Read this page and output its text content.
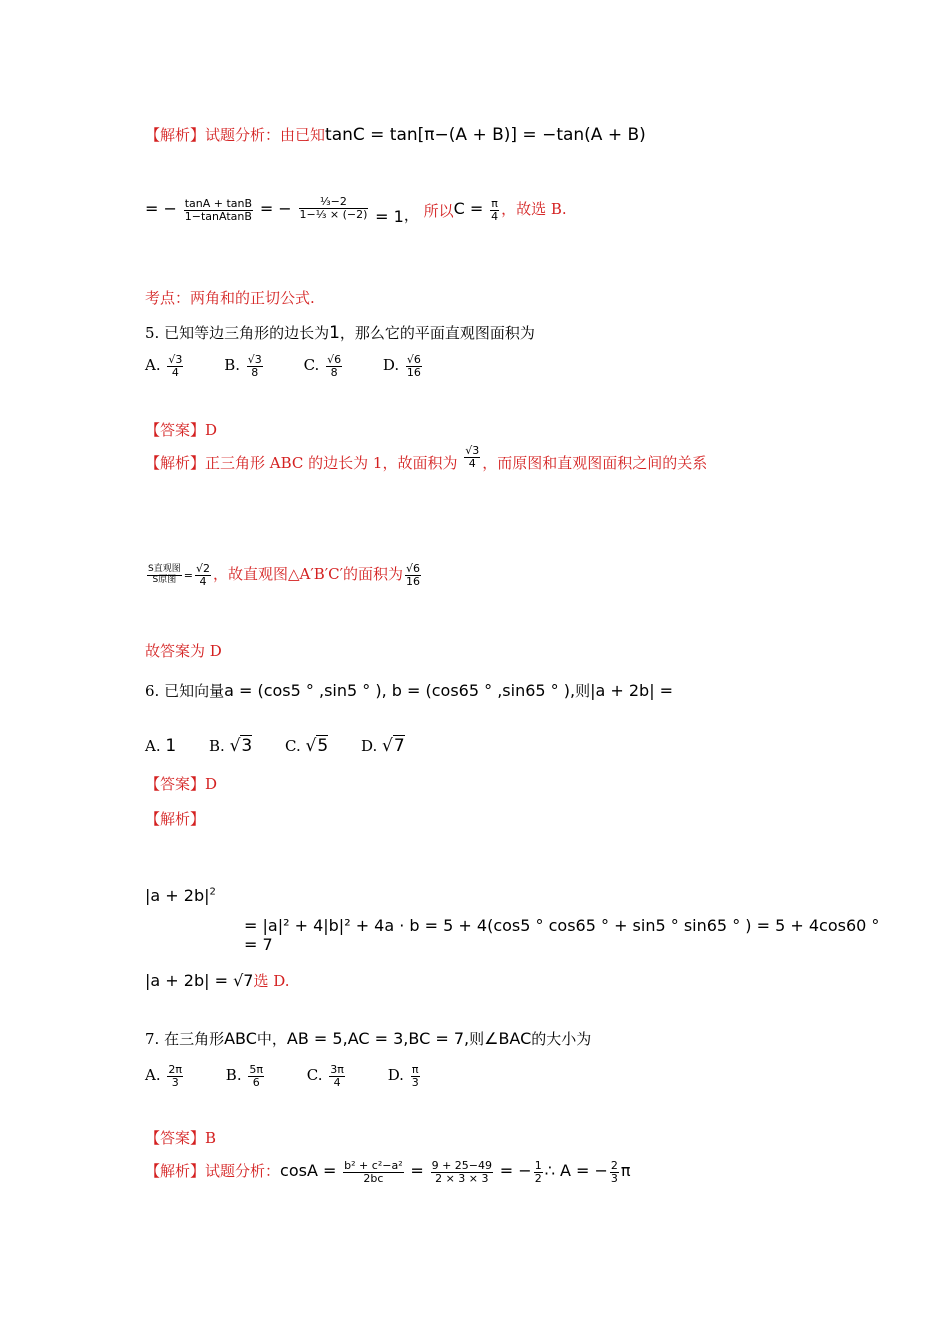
【解析】试题分析：由已知tanC = tan[π−(A + B)] = −tan(A + B)
= − $\frac{\tan A + \tan B}{\text{1−tanAtanB}}$ = − $\frac{\text{⅓−2}}{\text{1−⅓ × (−2)}} = 1$， 所以$C = \frac{\pi}{4}$ ，故选 B.
考点：两角和的正切公式.
5. 已知等边三角形的边长为1，那么它的平面直观图面积为
A. $\frac{√3}{4}$	B. $\frac{√3}{8}$	C. $\frac{√6}{8}$	D. $\frac{√6}{16}$
【答案】D
【解析】正三角形 ABC 的边长为 1，故面积为 $\frac{√3}{4}$ ，而原图和直观图面积之间的关系
$\frac{\text{S直观图}}{\text{S原图}} = \frac{√2}{4}$ ，故直观图△A′B′C′的面积为 $\frac{√6}{16}$
故答案为 D
6. 已知向量a = (cos5 ° ,sin5 ° ), b = (cos65 ° ,sin65 ° ),则|a + 2b| =
A. 1 B. √3 C. √5 D. √7
【答案】D
【解析】
$|a + 2b|^2$
= |a|² + 4|b|² + 4a · b = 5 + 4(cos5 ° cos65 ° + sin5 ° sin65 ° ) = 5 + 4cos60 °
= 7
|a + 2b| = √7选 D.
7. 在三角形ABC中，AB = 5,AC = 3,BC = 7,则∠BAC的大小为
A. $\frac{2\pi}{3}$	B. $\frac{5\pi}{6}$	C. $\frac{3\pi}{4}$	D. $\frac{\pi}{3}$
【答案】B
【解析】试题分析：$\cos A = \frac{\text{b² + c²−a²}}{2bc} = \frac{9 + 25-49}{2 \times 3 \times 3}$ = − $\frac{1}{2}$ ∴ A = − $\frac{2}{3}$ π
